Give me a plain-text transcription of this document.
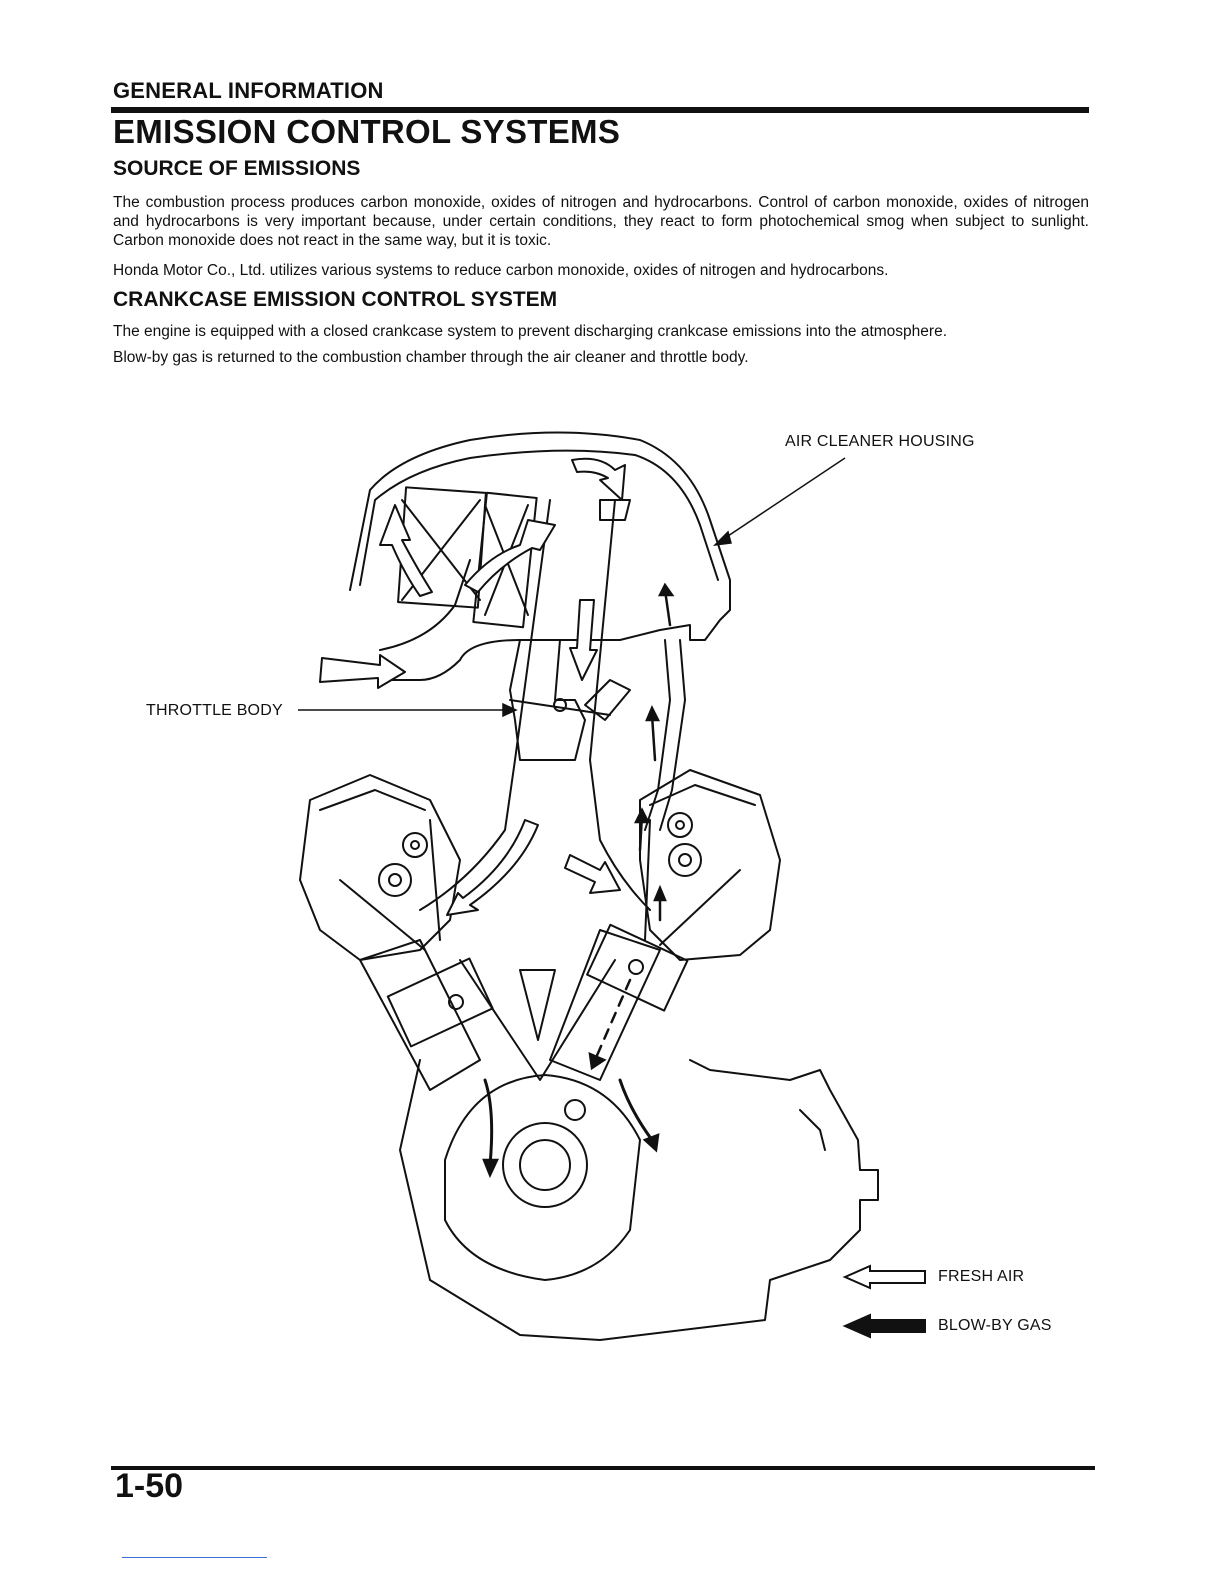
GENERAL INFORMATION
EMISSION CONTROL SYSTEMS
SOURCE OF EMISSIONS
The combustion process produces carbon monoxide, oxides of nitrogen and hydrocarbons. Control of carbon monoxide, oxides of nitrogen and hydrocarbons is very important because, under certain conditions, they react to form photochemical smog when subject to sunlight. Carbon monoxide does not react in the same way, but it is toxic.
Honda Motor Co., Ltd. utilizes various systems to reduce carbon monoxide, oxides of nitrogen and hydrocarbons.
CRANKCASE EMISSION CONTROL SYSTEM
The engine is equipped with a closed crankcase system to prevent discharging crankcase emissions into the atmosphere.
Blow-by gas is returned to the combustion chamber through the air cleaner and throttle body.
AIR CLEANER HOUSING
THROTTLE BODY
FRESH AIR
BLOW-BY GAS
1-50
